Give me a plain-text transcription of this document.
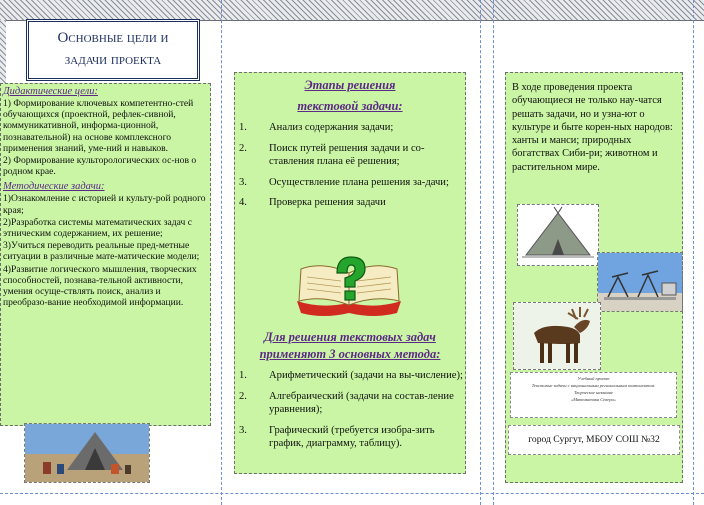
Основные цели и
задачи проекта
Дидактические цели:
1) Формирование ключевых компетентно-стей обучающихся (проектной, рефлек-сивной, коммуникативной, информа-ционной, познавательной) на основе комплексного применения знаний, уме-ний и навыков.
2) Формирование культорологических ос-нов о родном крае.
Методические задачи:
1)Ознакомление с историей и культу-рой родного края;
2)Разработка системы математических задач с этническим содержанием, их решение;
3)Учиться переводить реальные пред-метные ситуации в различные мате-матические модели;
4)Развитие логического мышления, творческих способностей, познава-тельной активности, умения осуще-ствлять поиск, анализ и преобразо-вание необходимой информации.
Этапы решения
текстовой задачи:
1.	Анализ содержания задачи;
2.	Поиск путей решения задачи и со-ставления плана её решения;
3.	Осуществление плана решения за-дачи;
4.	Проверка решения задачи
Для решения текстовых задач
применяют 3 основных метода:
1.	Арифметический (задачи на вы-числение);
2.	Алгебраический (задачи на состав-ление уравнения);
3.	Графический (требуется изобра-зить график, диаграмму, таблицу).
В ходе проведения проекта обучающиеся не только нау-чатся решать задачи, но и узна-ют о культуре и быте корен-ных народов: ханты и манси; природных богатствах Сиби-ри; животном и растительном мире.
Учебный проект
Текстовые задачи с национальным региональным компонентом.
Творческое название
«Математика Севера»
город Сургут, МБОУ СОШ №32
